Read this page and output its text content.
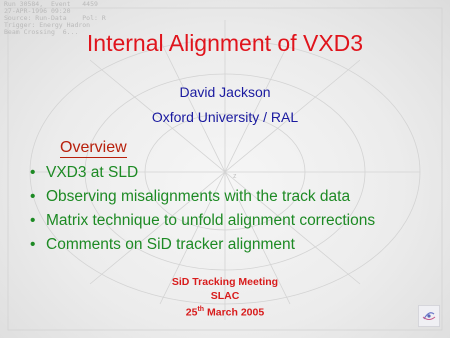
z
Run 30584,  Event   4459
27-APR-1996 09:20
Source: Run-Data    Pol: R
Trigger: Energy Hadron
Beam Crossing  6... Internal Alignment of VXD3
David Jackson
Oxford University / RAL
Overview
• VXD3 at SLD
• Observing misalignments with the track data
• Matrix technique to unfold alignment corrections
• Comments on SiD tracker alignment
SiD Tracking Meeting
SLAC
25th March 2005
